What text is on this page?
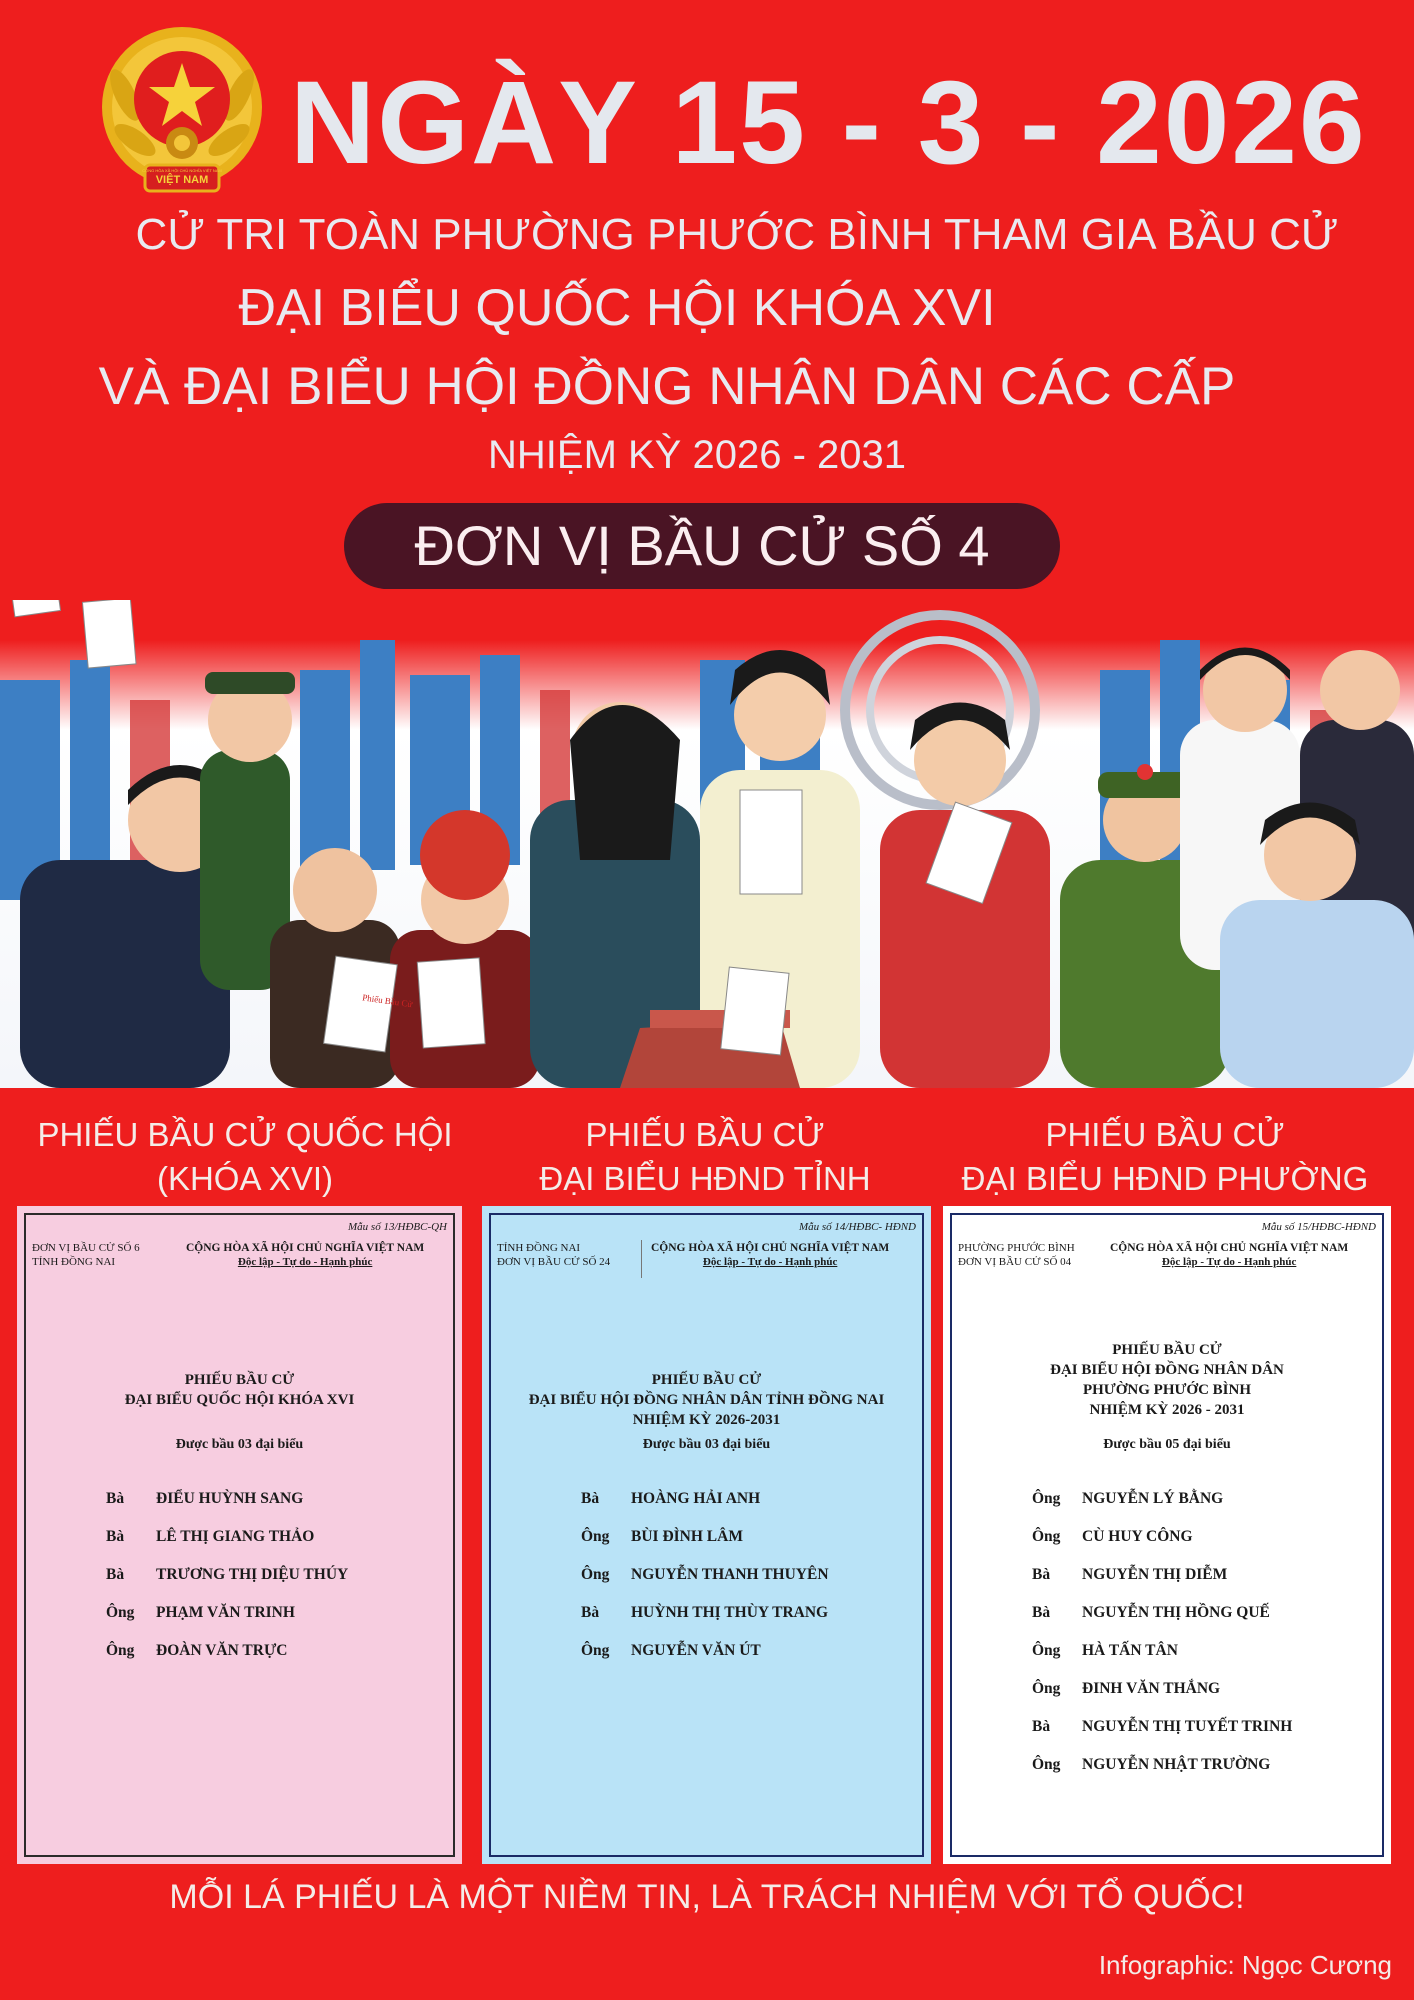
VIỆT NAM
CỘNG HÒA XÃ HỘI CHỦ NGHĨA VIỆT NAM NGÀY 15 - 3 - 2026
CỬ TRI TOÀN PHƯỜNG PHƯỚC BÌNH THAM GIA BẦU CỬ
ĐẠI BIỂU QUỐC HỘI KHÓA XVI
VÀ ĐẠI BIỂU HỘI ĐỒNG NHÂN DÂN CÁC CẤP
NHIỆM KỲ 2026 - 2031
ĐƠN VỊ BẦU CỬ SỐ 4
Phiếu Bầu Cử
PHIẾU BẦU CỬ QUỐC HỘI
(KHÓA XVI)
PHIẾU BẦU CỬ
ĐẠI BIỂU HĐND TỈNH
PHIẾU BẦU CỬ
ĐẠI BIỂU HĐND PHƯỜNG
Mẫu số 13/HĐBC-QH
ĐƠN VỊ BẦU CỬ SỐ 6
TỈNH ĐỒNG NAI
CỘNG HÒA XÃ HỘI CHỦ NGHĨA VIỆT NAM
Độc lập - Tự do - Hạnh phúc
PHIẾU BẦU CỬ
ĐẠI BIỂU QUỐC HỘI KHÓA XVI
Được bầu 03 đại biểu
Bà	ĐIỂU HUỲNH SANG
Bà	LÊ THỊ GIANG THẢO
Bà	TRƯƠNG THỊ DIỆU THÚY
Ông	PHẠM VĂN TRINH
Ông	ĐOÀN VĂN TRỰC
Mẫu số 14/HĐBC- HĐND
TỈNH ĐỒNG NAI
ĐƠN VỊ BẦU CỬ SỐ 24
CỘNG HÒA XÃ HỘI CHỦ NGHĨA VIỆT NAM
Độc lập - Tự do - Hạnh phúc
PHIẾU BẦU CỬ
ĐẠI BIỂU HỘI ĐỒNG NHÂN DÂN TỈNH ĐỒNG NAI
NHIỆM KỲ 2026-2031
Được bầu 03 đại biểu
Bà	HOÀNG HẢI ANH
Ông	BÙI ĐÌNH LÂM
Ông	NGUYỄN THANH THUYÊN
Bà	HUỲNH THỊ THÙY TRANG
Ông	NGUYỄN VĂN ÚT
Mẫu số 15/HĐBC-HĐND
PHƯỜNG PHƯỚC BÌNH
ĐƠN VỊ BẦU CỬ SỐ 04
CỘNG HÒA XÃ HỘI CHỦ NGHĨA VIỆT NAM
Độc lập - Tự do - Hạnh phúc
PHIẾU BẦU CỬ
ĐẠI BIỂU HỘI ĐỒNG NHÂN DÂN
PHƯỜNG PHƯỚC BÌNH
NHIỆM KỲ 2026 - 2031
Được bầu 05 đại biểu
Ông	NGUYỄN LÝ BẰNG
Ông	CÙ HUY CÔNG
Bà	NGUYỄN THỊ DIỄM
Bà	NGUYỄN THỊ HỒNG QUẾ
Ông	HÀ TẤN TÂN
Ông	ĐINH VĂN THẮNG
Bà	NGUYỄN THỊ TUYẾT TRINH
Ông	NGUYỄN NHẬT TRƯỜNG
MỖI LÁ PHIẾU LÀ MỘT NIỀM TIN, LÀ TRÁCH NHIỆM VỚI TỔ QUỐC!
Infographic: Ngọc Cương
